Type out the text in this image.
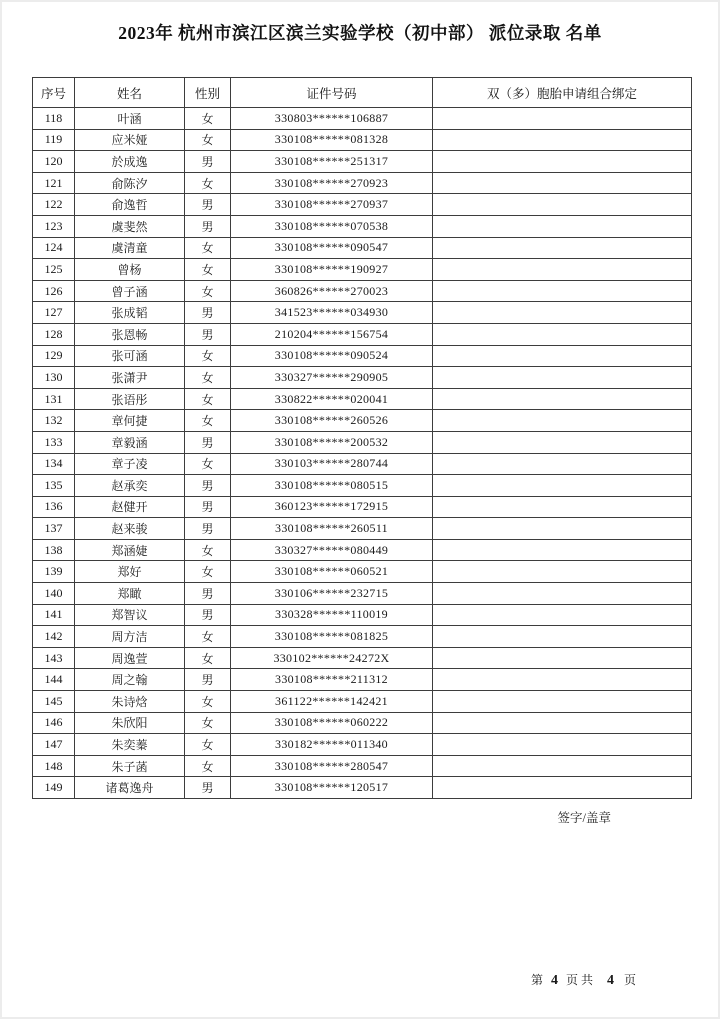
2023年 杭州市滨江区滨兰实验学校（初中部） 派位录取 名单
序号	姓名	性别	证件号码	双（多）胞胎申请组合绑定
118	叶涵	女	330803******106887	
119	应米娅	女	330108******081328	
120	於成逸	男	330108******251317	
121	俞陈汐	女	330108******270923	
122	俞逸哲	男	330108******270937	
123	虞斐然	男	330108******070538	
124	虞清童	女	330108******090547	
125	曾杨	女	330108******190927	
126	曾子涵	女	360826******270023	
127	张成韬	男	341523******034930	
128	张恩畅	男	210204******156754	
129	张可涵	女	330108******090524	
130	张潇尹	女	330327******290905	
131	张语彤	女	330822******020041	
132	章何捷	女	330108******260526	
133	章毅涵	男	330108******200532	
134	章子凌	女	330103******280744	
135	赵承奕	男	330108******080515	
136	赵健开	男	360123******172915	
137	赵来骏	男	330108******260511	
138	郑涵婕	女	330327******080449	
139	郑好	女	330108******060521	
140	郑瞰	男	330106******232715	
141	郑智议	男	330328******110019	
142	周方洁	女	330108******081825	
143	周逸萱	女	330102******24272X	
144	周之翰	男	330108******211312	
145	朱诗焓	女	361122******142421	
146	朱欣阳	女	330108******060222	
147	朱奕蓁	女	330182******011340	
148	朱子菡	女	330108******280547	
149	诸葛逸舟	男	330108******120517	
签字/盖章
第 4 页 共 4 页
